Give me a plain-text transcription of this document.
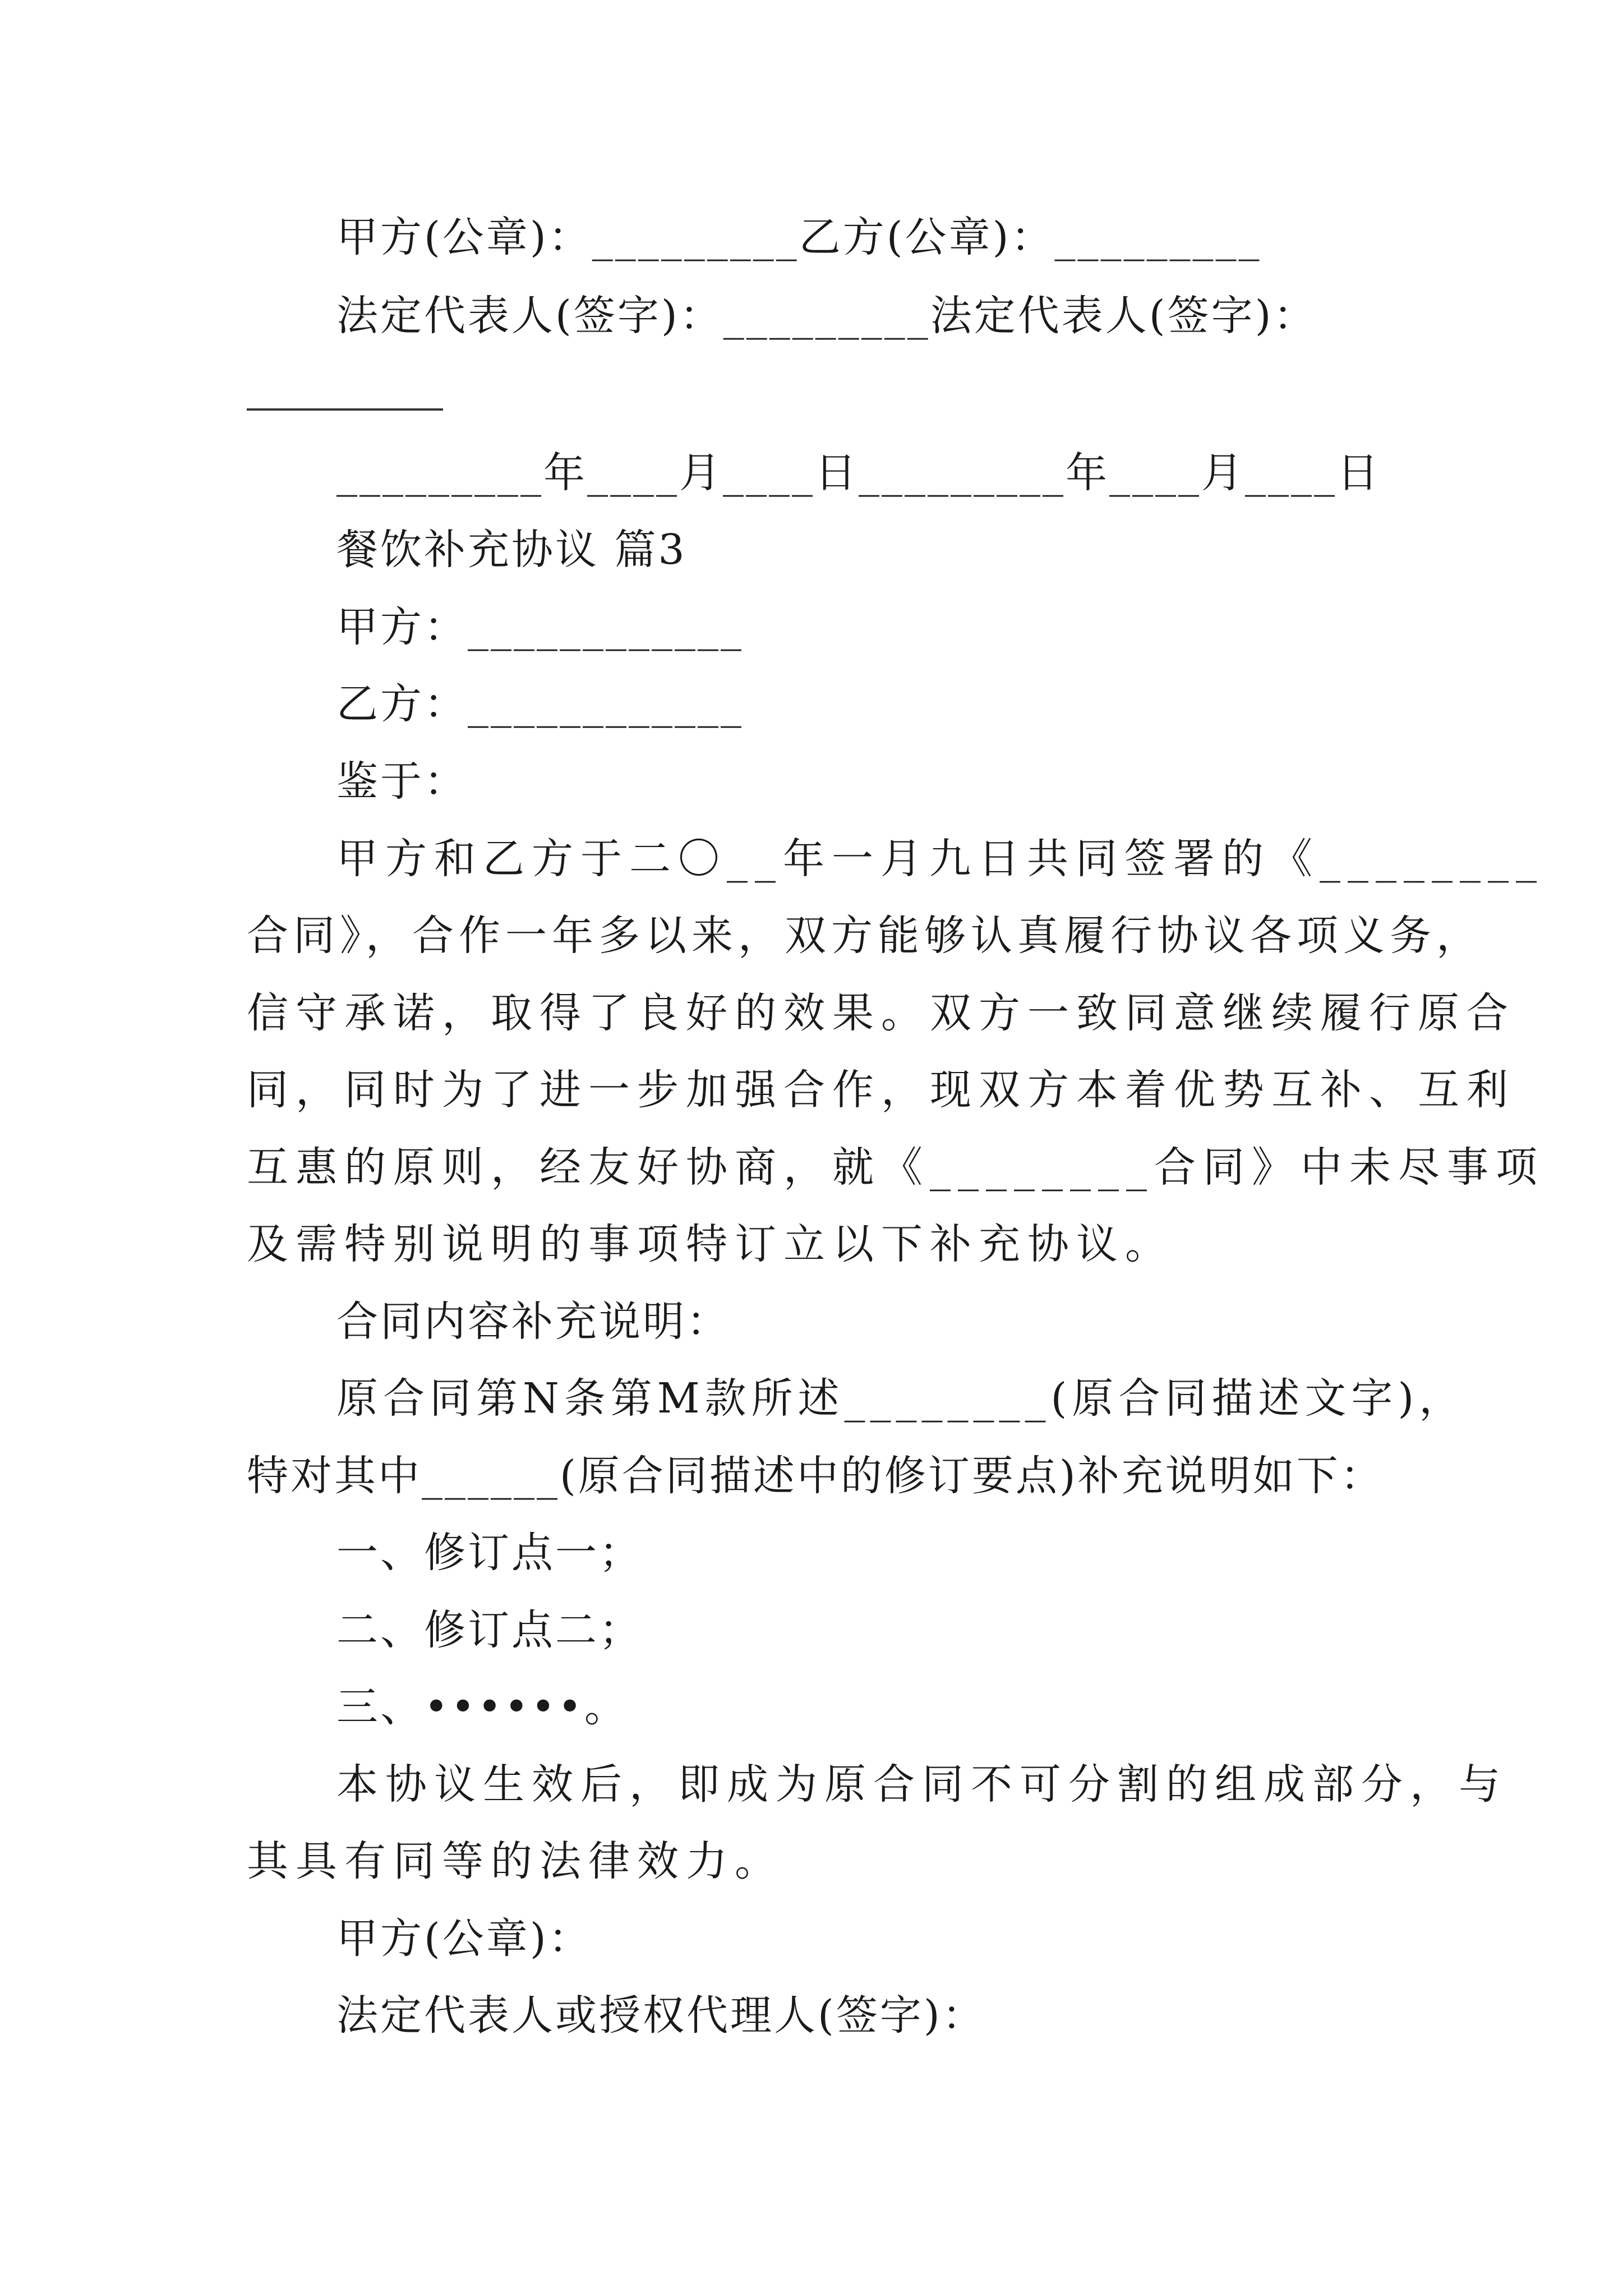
甲方(公章)：_________乙方(公章)：_________
法定代表人(签字)：_________法定代表人(签字)：
_________年____月____日_________年____月____日
餐饮补充协议 篇3
甲方：____________
乙方：____________
鉴于：
甲方和乙方于二〇__年一月九日共同签署的《________
合同》，合作一年多以来，双方能够认真履行协议各项义务，
信守承诺，取得了良好的效果。双方一致同意继续履行原合
同，同时为了进一步加强合作，现双方本着优势互补、互利
互惠的原则，经友好协商，就《________合同》中未尽事项
及需特别说明的事项特订立以下补充协议。
合同内容补充说明：
原合同第N条第M款所述________(原合同描述文字)，
特对其中______(原合同描述中的修订要点)补充说明如下：
一、修订点一；
二、修订点二；
三、••••••。
本协议生效后，即成为原合同不可分割的组成部分，与
其具有同等的法律效力。
甲方(公章)：
法定代表人或授权代理人(签字)：
